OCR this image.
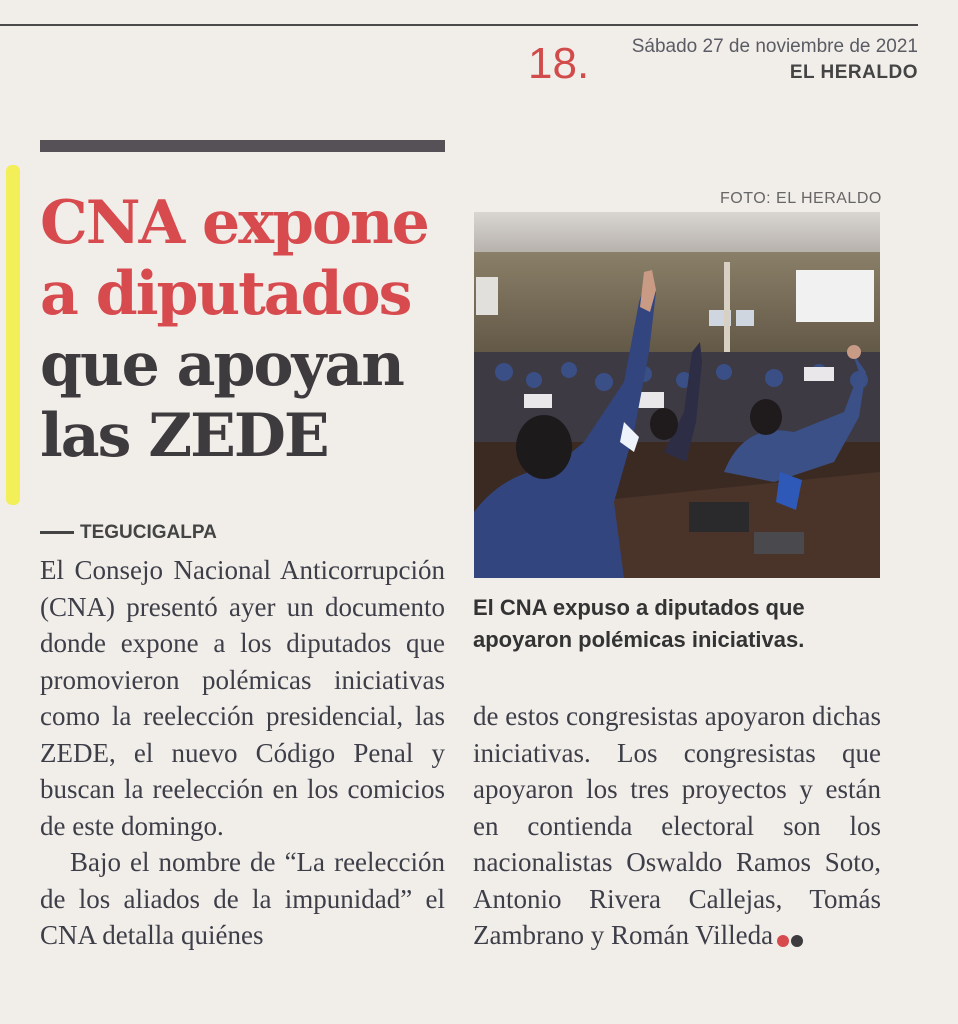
18. Sábado 27 de noviembre de 2021
EL HERALDO
CNA expone
a diputados
que apoyan
las ZEDE
TEGUCIGALPA

El Consejo Nacional Anticorrupción (CNA) presentó ayer un documento donde expone a los diputados que promovieron polémicas iniciativas como la reelección presidencial, las ZEDE, el nuevo Código Penal y buscan la reelección en los comicios de este domingo.

Bajo el nombre de “La reelección de los aliados de la impunidad” el CNA detalla quiénes

FOTO: EL HERALDO
El CNA expuso a diputados que apoyaron polémicas iniciativas.

de estos congresistas apoyaron dichas iniciativas. Los congresistas que apoyaron los tres proyectos y están en contienda electoral son los nacionalistas Oswaldo Ramos Soto, Antonio Rivera Callejas, Tomás Zambrano y Román Villeda
